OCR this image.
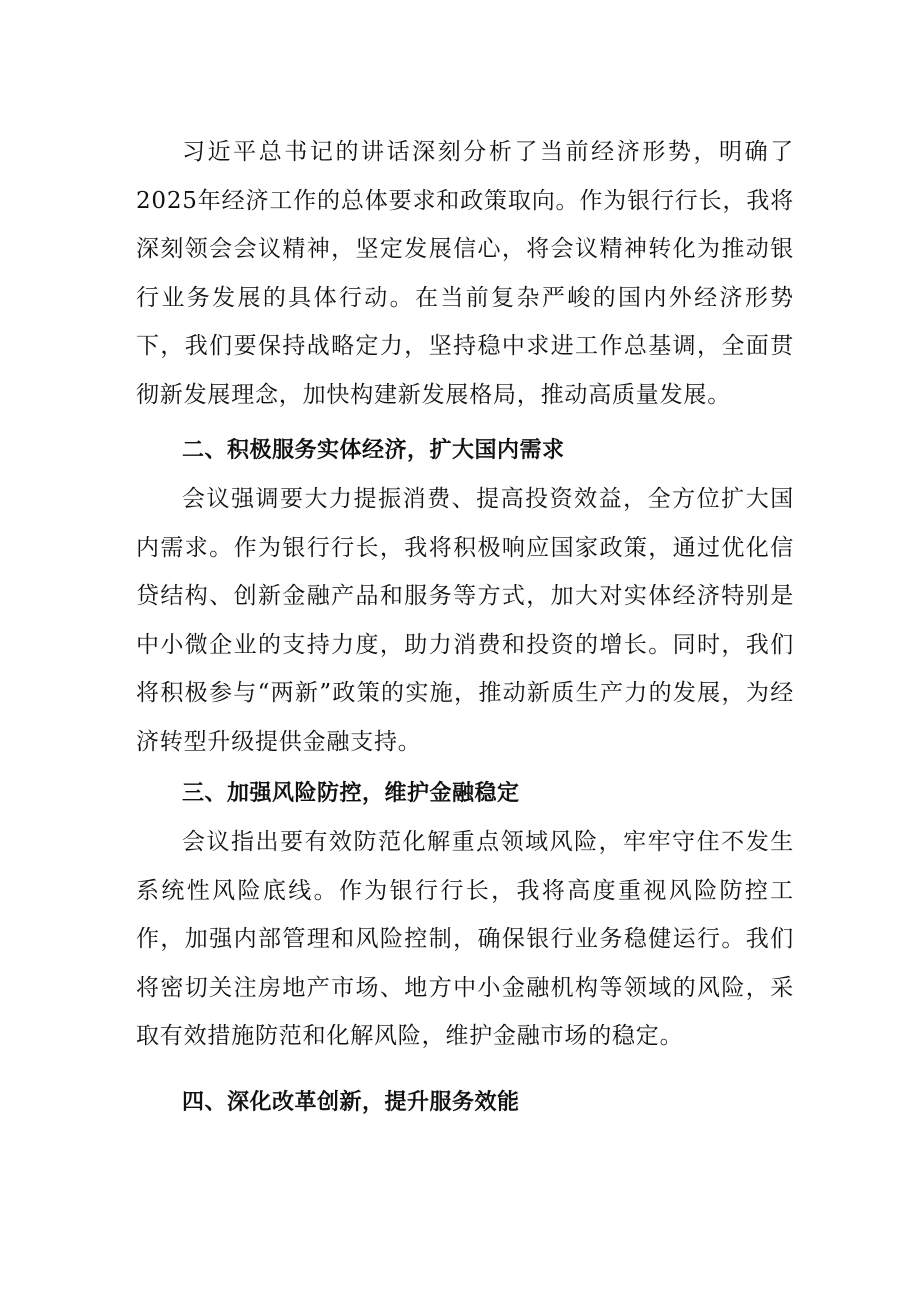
习近平总书记的讲话深刻分析了当前经济形势，明确了2025年经济工作的总体要求和政策取向。作为银行行长，我将深刻领会会议精神，坚定发展信心，将会议精神转化为推动银行业务发展的具体行动。在当前复杂严峻的国内外经济形势下，我们要保持战略定力，坚持稳中求进工作总基调，全面贯彻新发展理念，加快构建新发展格局，推动高质量发展。

二、积极服务实体经济，扩大国内需求

会议强调要大力提振消费、提高投资效益，全方位扩大国内需求。作为银行行长，我将积极响应国家政策，通过优化信贷结构、创新金融产品和服务等方式，加大对实体经济特别是中小微企业的支持力度，助力消费和投资的增长。同时，我们将积极参与“两新”政策的实施，推动新质生产力的发展，为经济转型升级提供金融支持。

三、加强风险防控，维护金融稳定

会议指出要有效防范化解重点领域风险，牢牢守住不发生系统性风险底线。作为银行行长，我将高度重视风险防控工作，加强内部管理和风险控制，确保银行业务稳健运行。我们将密切关注房地产市场、地方中小金融机构等领域的风险，采取有效措施防范和化解风险，维护金融市场的稳定。

四、深化改革创新，提升服务效能
